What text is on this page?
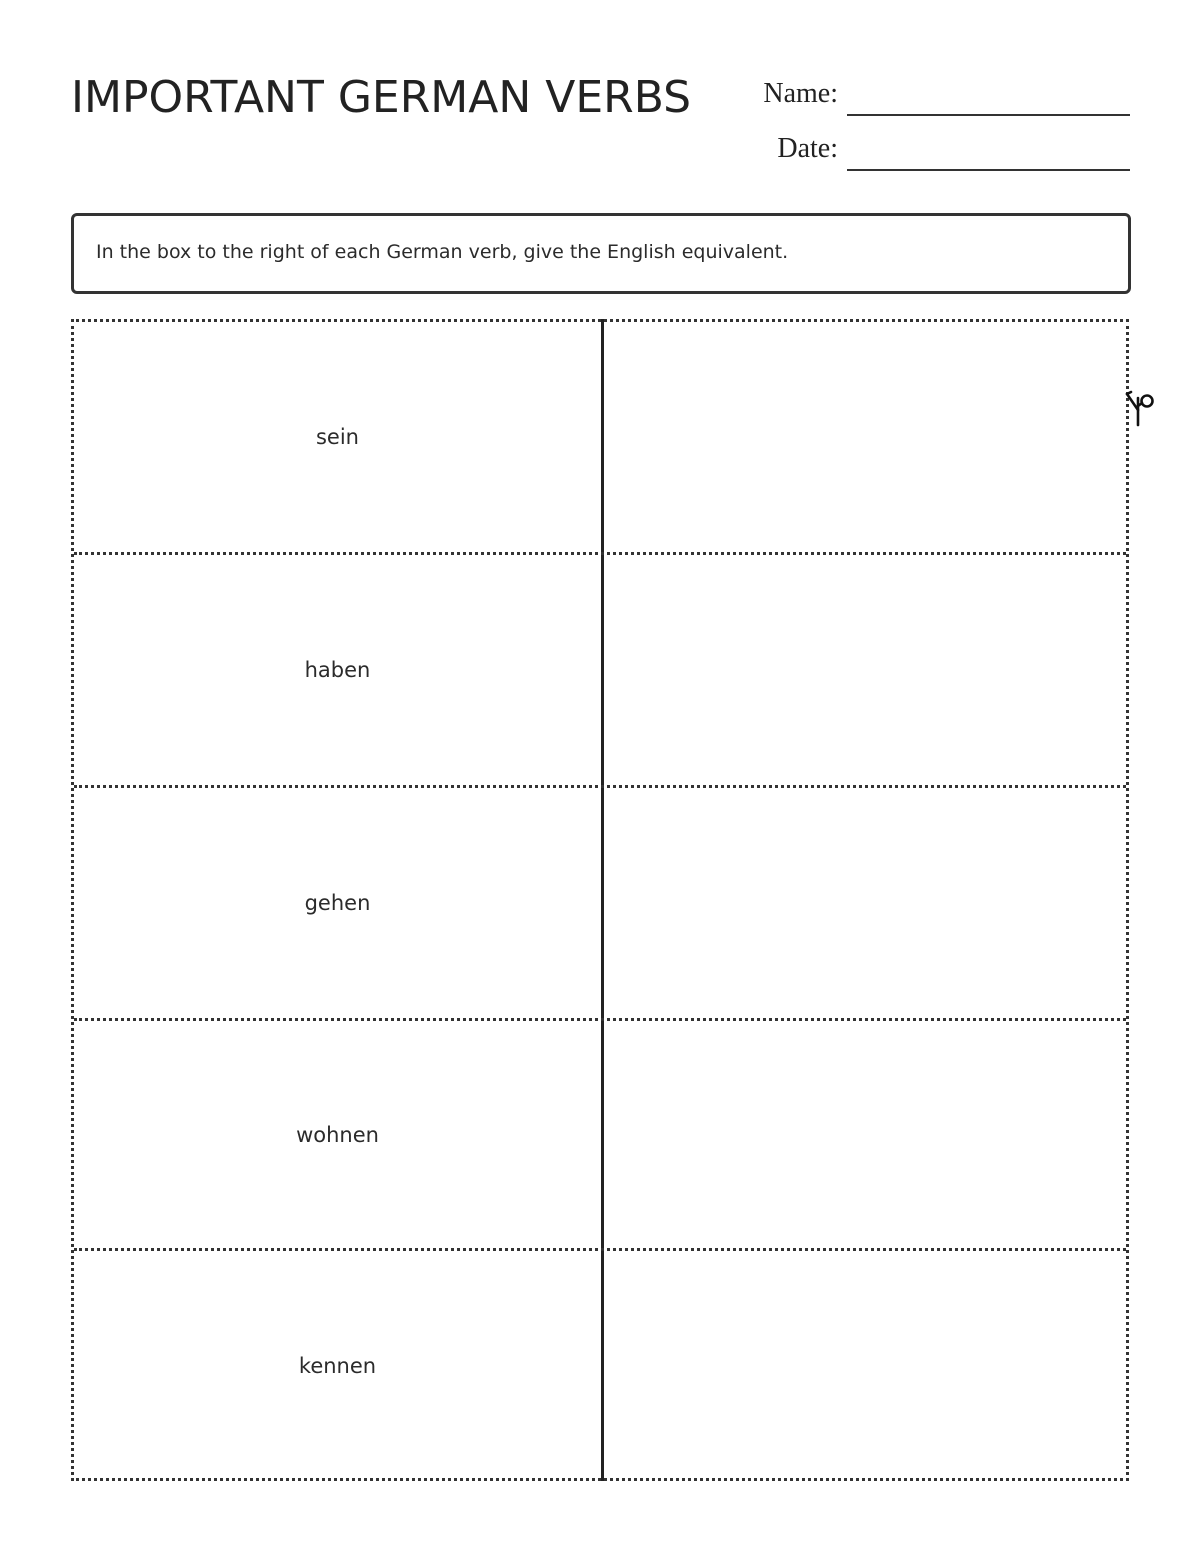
IMPORTANT GERMAN VERBS	Name:
Date:
In the box to the right of each German verb, give the English equivalent.
sein
haben
gehen
wohnen
kennen
